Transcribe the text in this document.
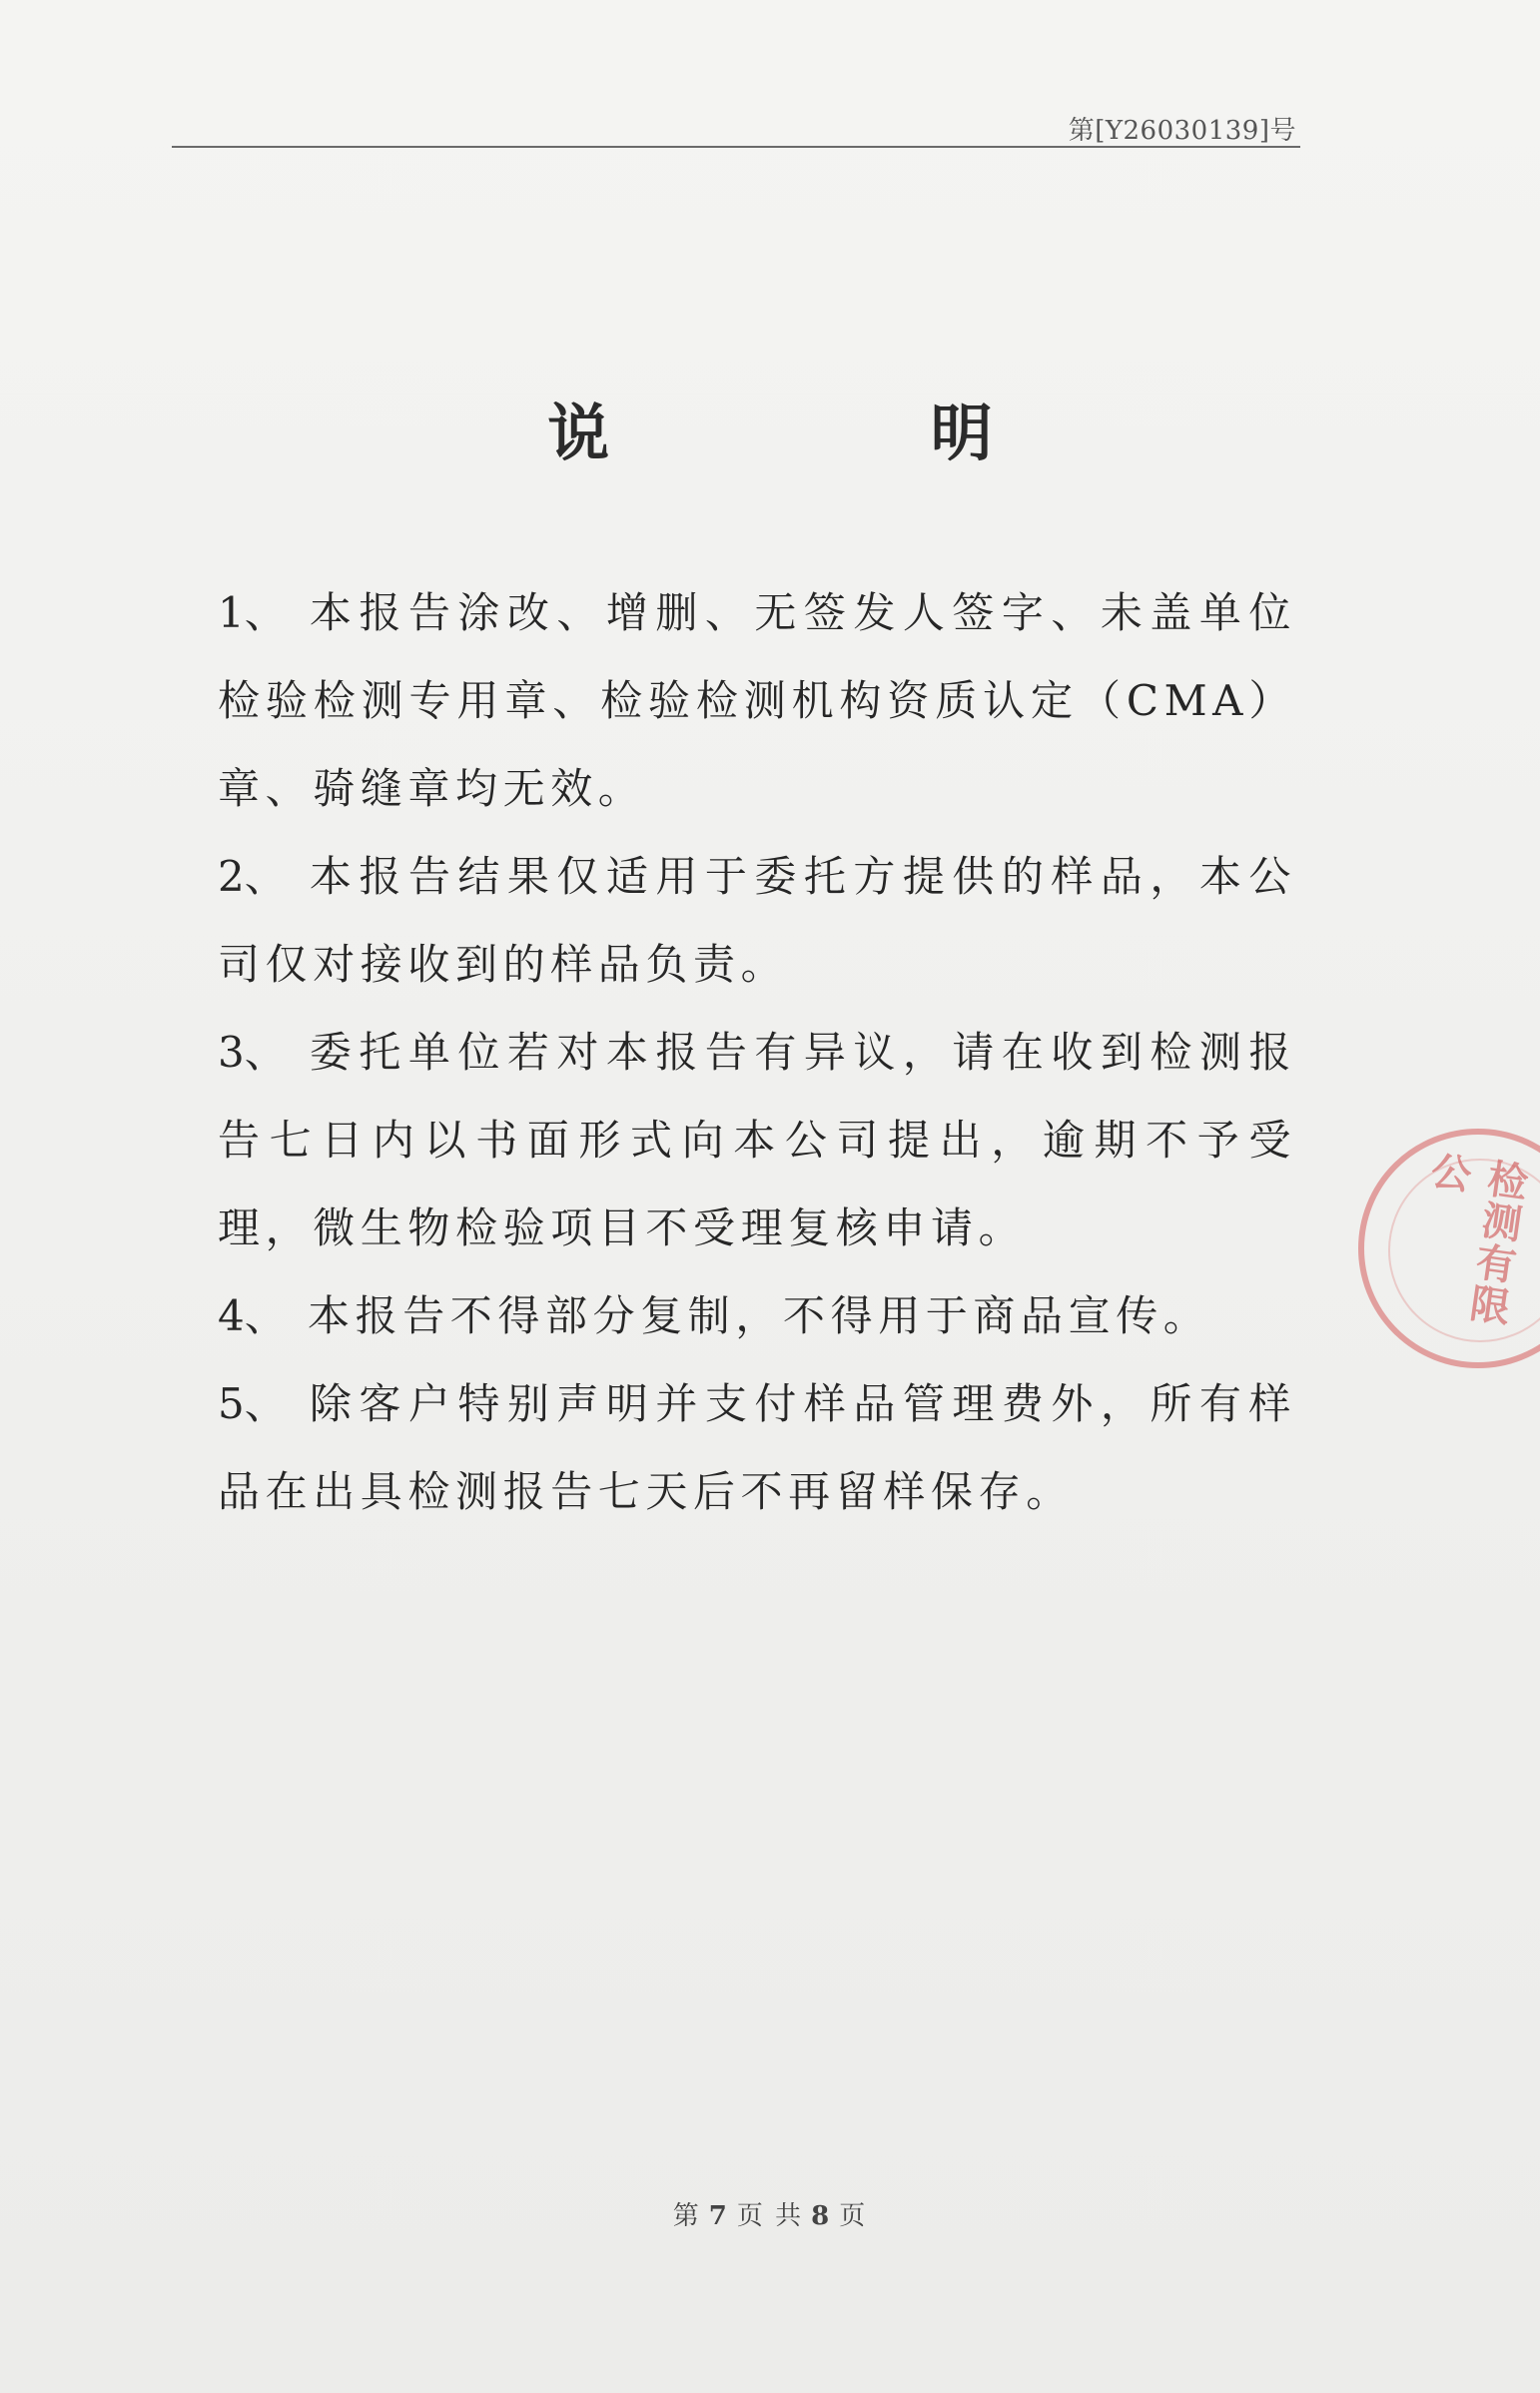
第[Y26030139]号
说 明
1、 本报告涂改、增删、无签发人签字、未盖单位检验检测专用章、检验检测机构资质认定（CMA）章、骑缝章均无效。
2、 本报告结果仅适用于委托方提供的样品，本公司仅对接收到的样品负责。
3、 委托单位若对本报告有异议，请在收到检测报告七日内以书面形式向本公司提出，逾期不予受理，微生物检验项目不受理复核申请。
4、 本报告不得部分复制，不得用于商品宣传。
5、 除客户特别声明并支付样品管理费外，所有样品在出具检测报告七天后不再留样保存。
检测有限公
第 7 页 共 8 页
